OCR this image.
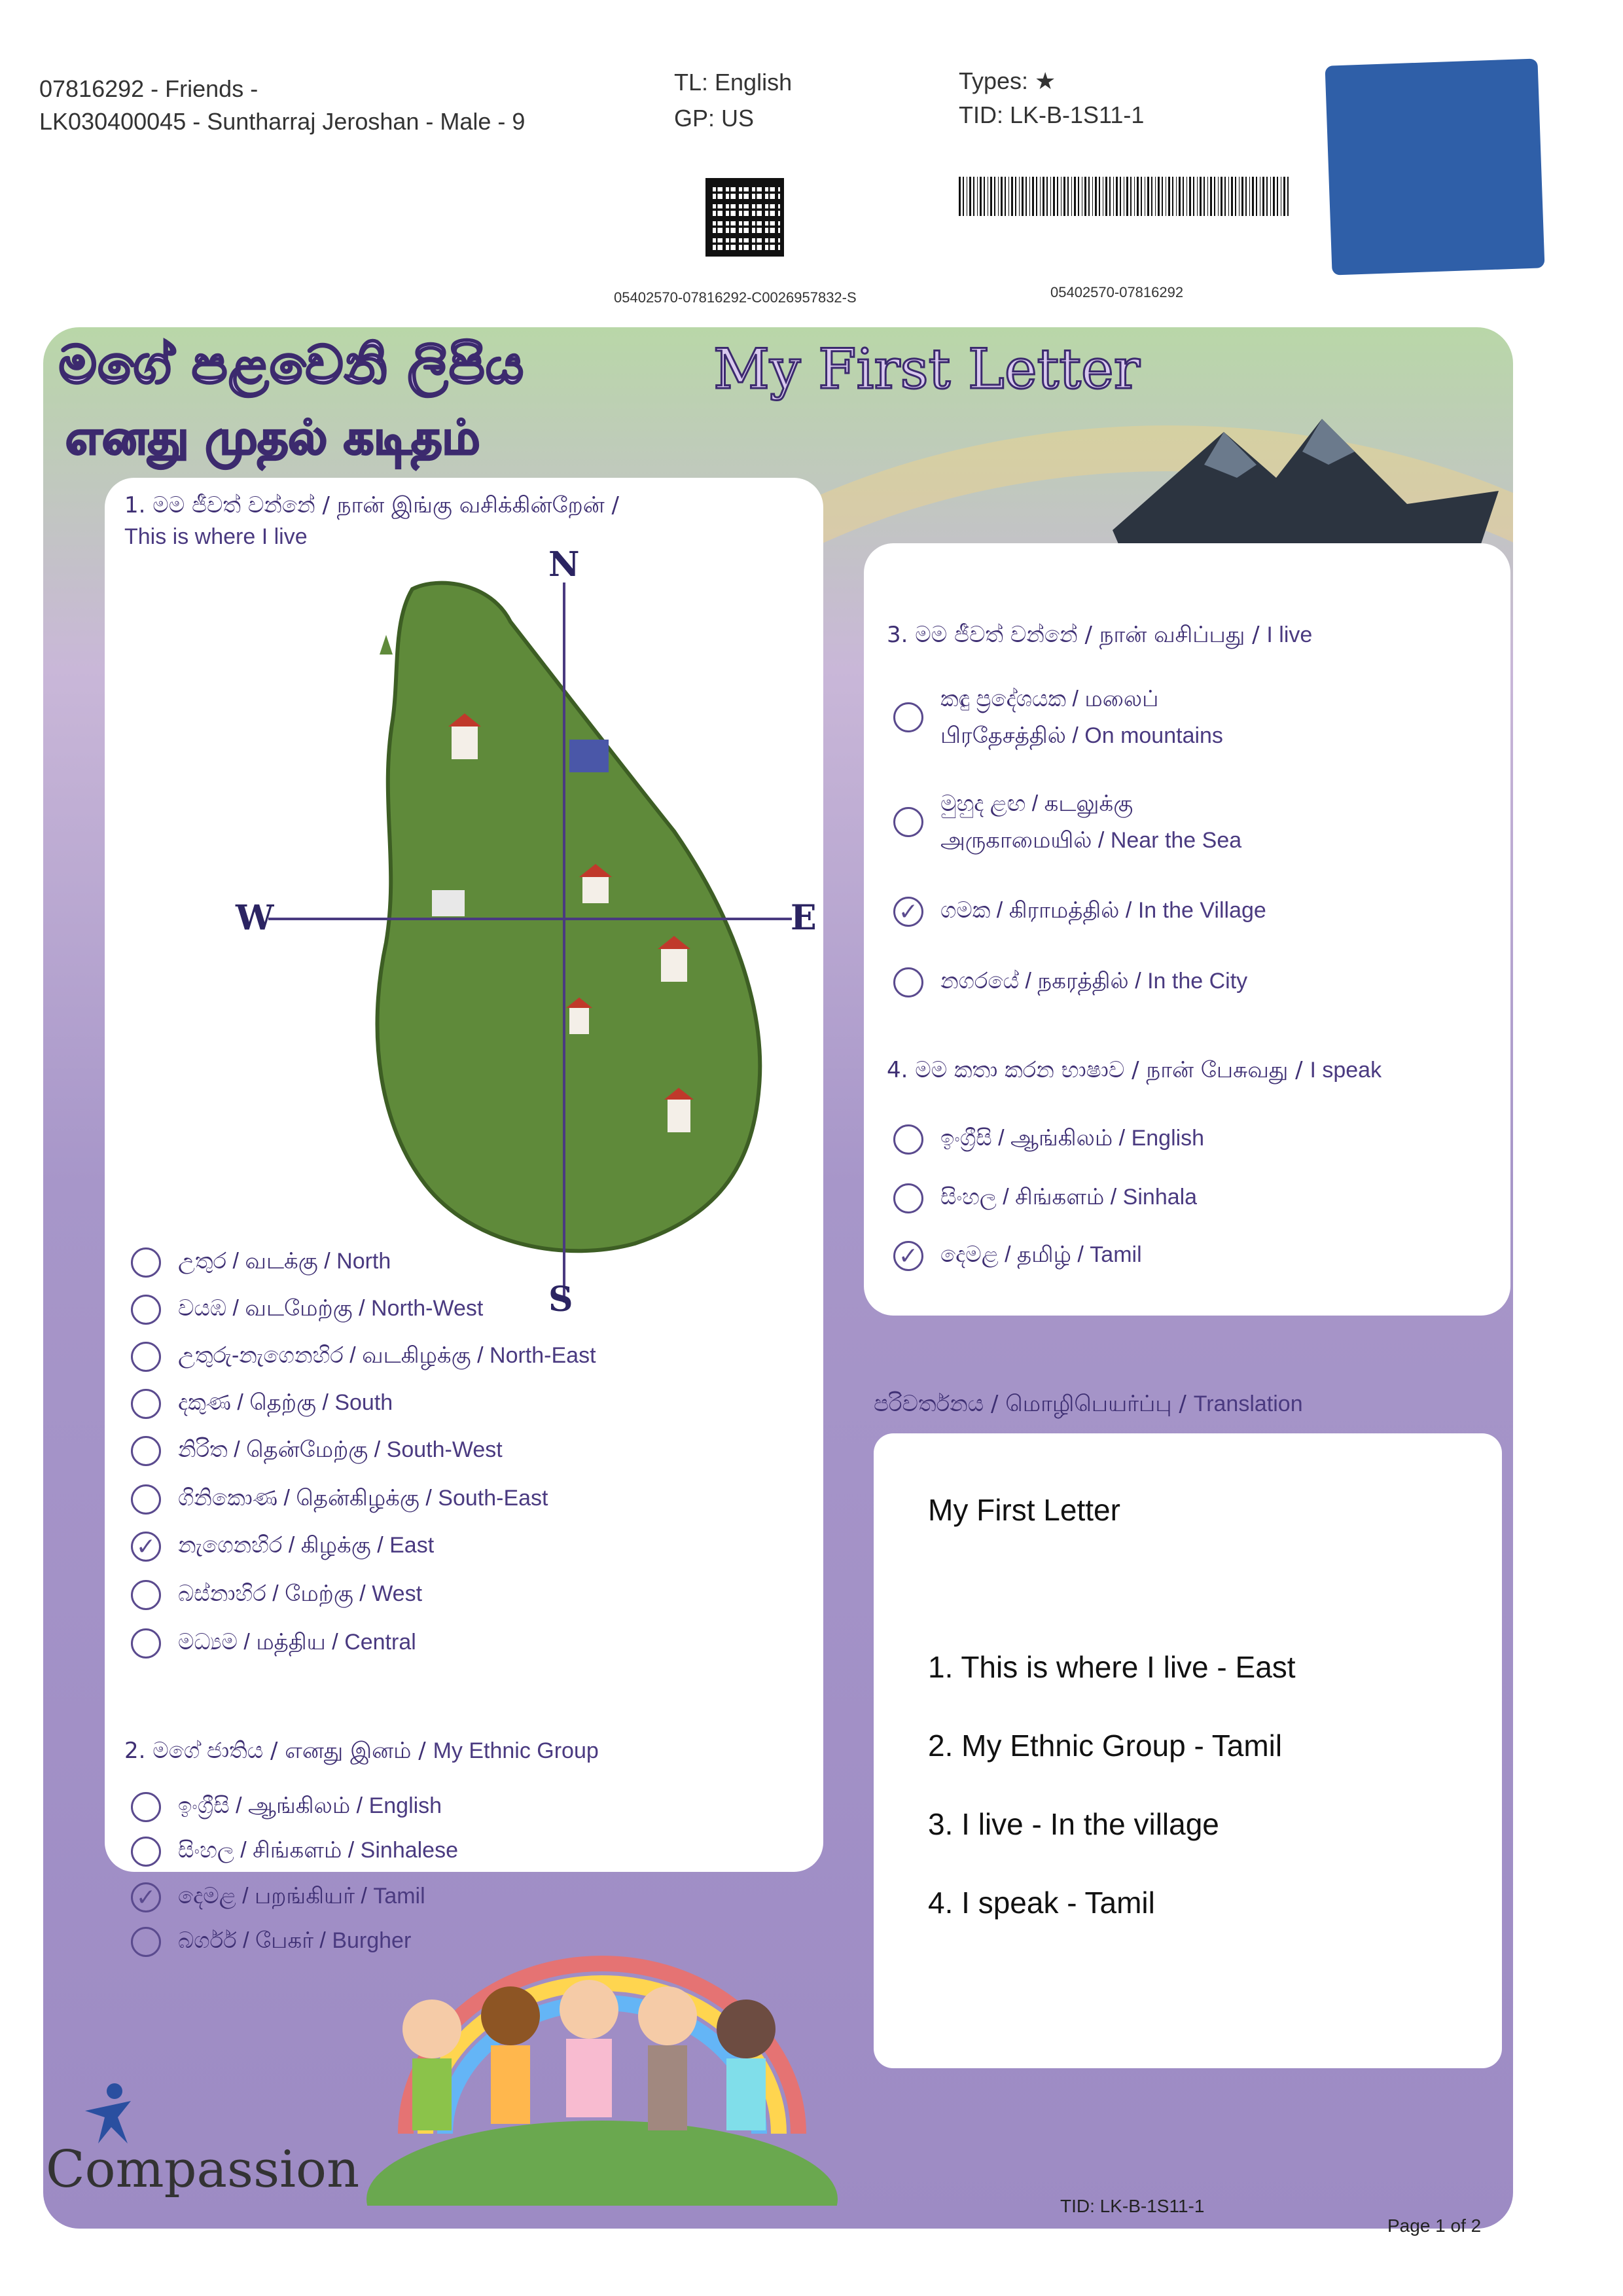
07816292 - Friends -
LK030400045 - Suntharraj Jeroshan - Male - 9
TL: English
GP: US
Types: ★
TID: LK-B-1S11-1
05402570-07816292-C0026957832-S	05402570-07816292
මගේ පළවෙනි ලිපිය	My First Letter
எனது முதல் கடிதம்
1. මම ජීවත් වන්නේ / நான் இங்கு வசிக்கின்றேன் /
This is where I live
N
S
W	E
උතුර / வடக்கு / North
වයඹ / வடமேற்கு / North-West
උතුරු-නැගෙනහිර / வடகிழக்கு / North-East
දකුණ / தெற்கு / South
නිරිත / தென்மேற்கு / South-West
ගිනිකොණ / தென்கிழக்கு / South-East
✓ නැගෙනහිර / கிழக்கு / East
බස්නාහිර / மேற்கு / West
මධ්‍යම / மத்திய / Central
2. මගේ ජාතිය / எனது இனம் / My Ethnic Group
ඉංග්‍රීසි / ஆங்கிலம் / English
සිංහල / சிங்களம் / Sinhalese
✓ දෙමළ / பறங்கியர் / Tamil
බර්ගර් / பேகர் / Burgher
3. මම ජීවත් වන්නේ / நான் வசிப்பது / I live
කඳු ප්‍රදේශයක / மலைப்
பிரதேசத்தில் / On mountains
මුහුද ළඟ / கடலுக்கு
அருகாமையில் / Near the Sea
✓ ගමක / கிராமத்தில் / In the Village
නගරයේ / நகரத்தில் / In the City
4. මම කතා කරන භාෂාව / நான் பேசுவது / I speak
ඉංග්‍රීසි / ஆங்கிலம் / English
සිංහල / சிங்களம் / Sinhala
✓ දෙමළ / தமிழ் / Tamil
පරිවර්තනය / மொழிபெயர்ப்பு / Translation
My First Letter
1. This is where I live - East
2. My Ethnic Group - Tamil
3. I live - In the village
4. I speak - Tamil
Compassion
TID: LK-B-1S11-1
Page 1 of 2
